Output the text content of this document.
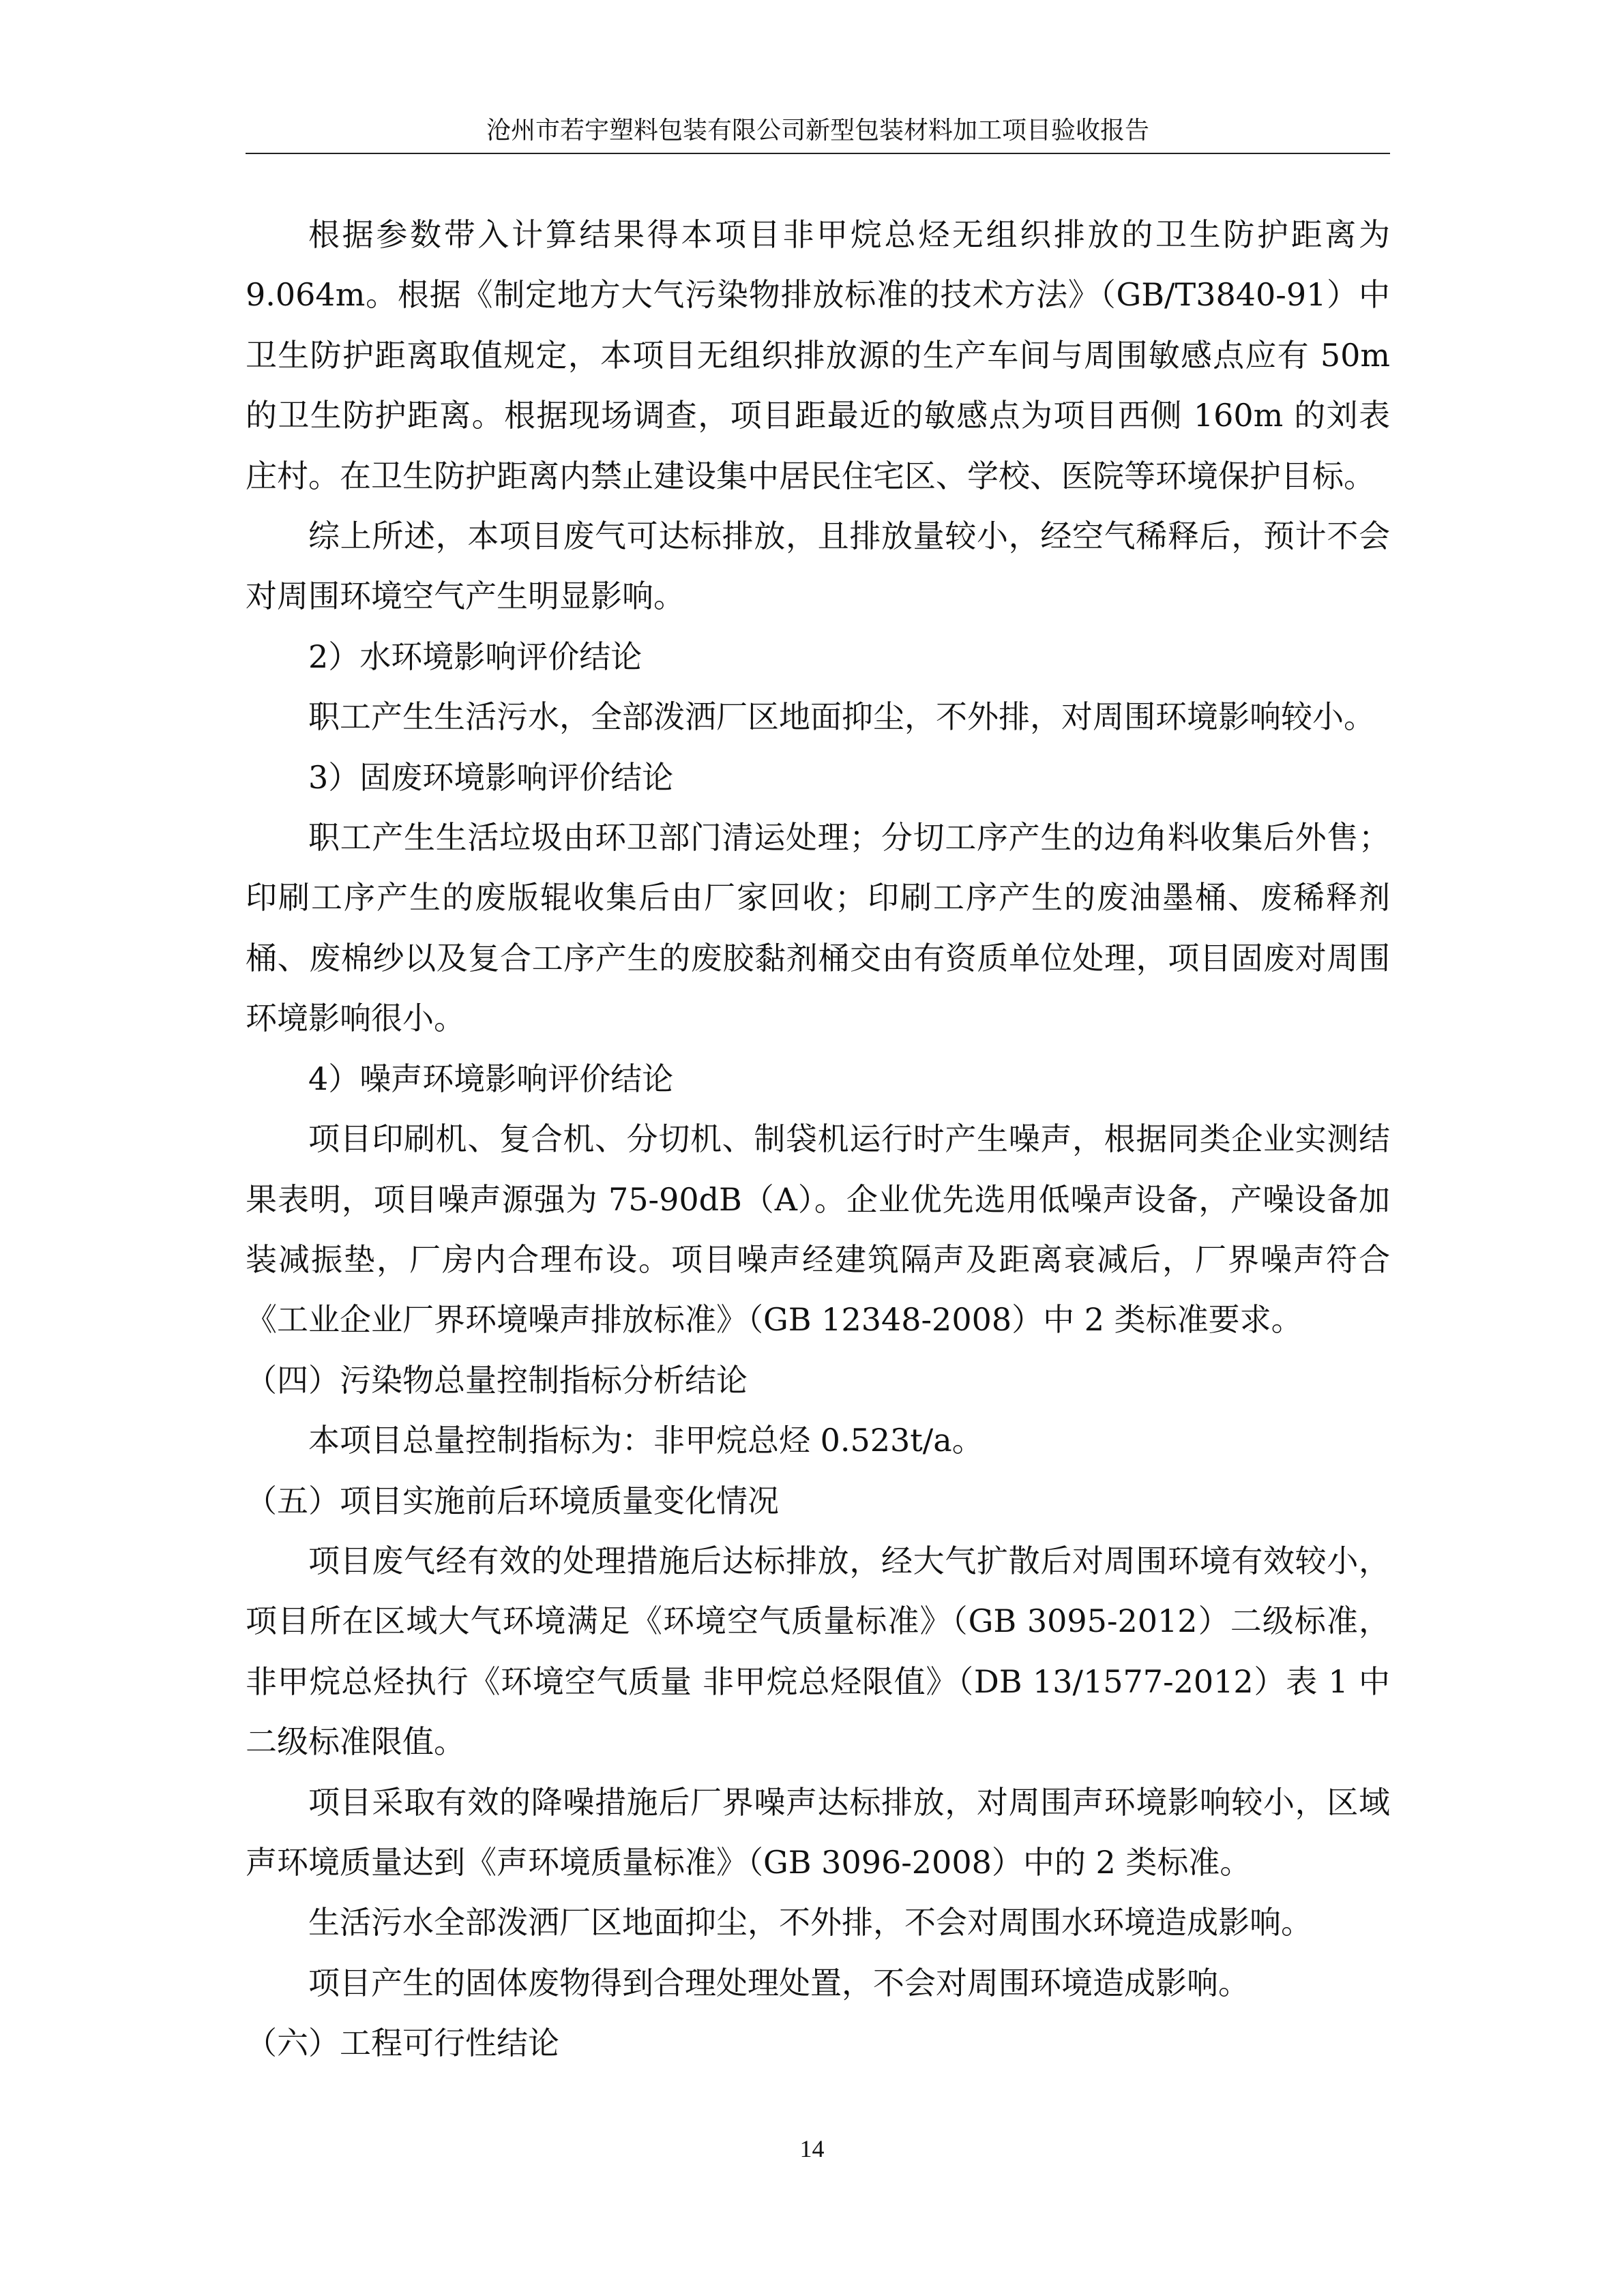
沧州市若宇塑料包装有限公司新型包装材料加工项目验收报告

根据参数带入计算结果得本项目非甲烷总烃无组织排放的卫生防护距离为9.064m。根据《制定地方大气污染物排放标准的技术方法》（GB/T3840-91）中卫生防护距离取值规定，本项目无组织排放源的生产车间与周围敏感点应有 50m 的卫生防护距离。根据现场调查，项目距最近的敏感点为项目西侧 160m 的刘表庄村。在卫生防护距离内禁止建设集中居民住宅区、学校、医院等环境保护目标。

综上所述，本项目废气可达标排放，且排放量较小，经空气稀释后，预计不会对周围环境空气产生明显影响。

2）水环境影响评价结论

职工产生生活污水，全部泼洒厂区地面抑尘，不外排，对周围环境影响较小。

3）固废环境影响评价结论

职工产生生活垃圾由环卫部门清运处理；分切工序产生的边角料收集后外售；印刷工序产生的废版辊收集后由厂家回收；印刷工序产生的废油墨桶、废稀释剂桶、废棉纱以及复合工序产生的废胶黏剂桶交由有资质单位处理，项目固废对周围环境影响很小。

4）噪声环境影响评价结论

项目印刷机、复合机、分切机、制袋机运行时产生噪声，根据同类企业实测结果表明，项目噪声源强为 75-90dB（A）。企业优先选用低噪声设备，产噪设备加装减振垫，厂房内合理布设。项目噪声经建筑隔声及距离衰减后，厂界噪声符合《工业企业厂界环境噪声排放标准》（GB 12348-2008）中 2 类标准要求。

（四）污染物总量控制指标分析结论

本项目总量控制指标为：非甲烷总烃 0.523t/a。

（五）项目实施前后环境质量变化情况

项目废气经有效的处理措施后达标排放，经大气扩散后对周围环境有效较小，项目所在区域大气环境满足《环境空气质量标准》（GB 3095-2012）二级标准，非甲烷总烃执行《环境空气质量 非甲烷总烃限值》（DB 13/1577-2012）表 1 中二级标准限值。

项目采取有效的降噪措施后厂界噪声达标排放，对周围声环境影响较小，区域声环境质量达到《声环境质量标准》（GB 3096-2008）中的 2 类标准。

生活污水全部泼洒厂区地面抑尘，不外排，不会对周围水环境造成影响。

项目产生的固体废物得到合理处理处置，不会对周围环境造成影响。

（六）工程可行性结论

14
